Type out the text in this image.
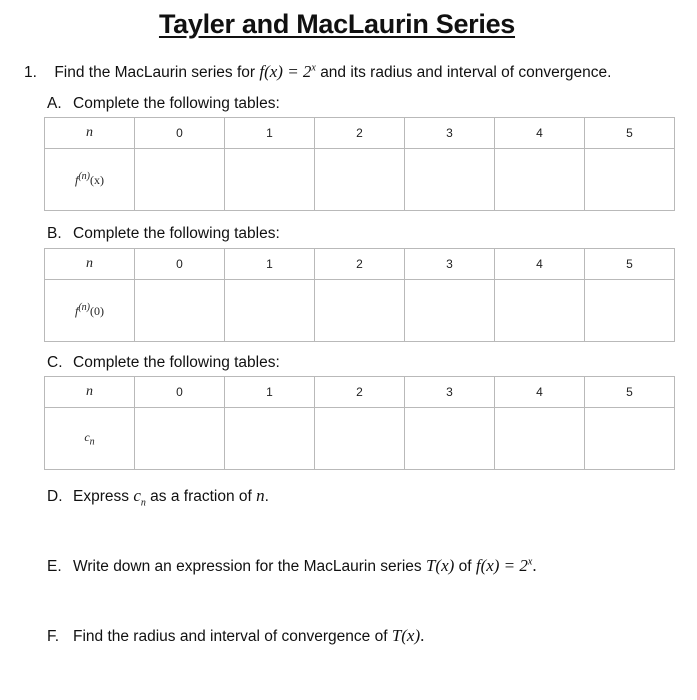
Tayler and MacLaurin Series
1. Find the MacLaurin series for $f(x) = 2^x$ and its radius and interval of convergence.
A. Complete the following tables:
n	0	1	2	3	4	5
$f^{(n)}(x)$						
B. Complete the following tables:
n	0	1	2	3	4	5
$f^{(n)}(0)$						
C. Complete the following tables:
n	0	1	2	3	4	5
$c_n$						
D. Express $c_n$ as a fraction of n.
E. Write down an expression for the MacLaurin series T(x) of $f(x) = 2^x$.
F. Find the radius and interval of convergence of T(x).
